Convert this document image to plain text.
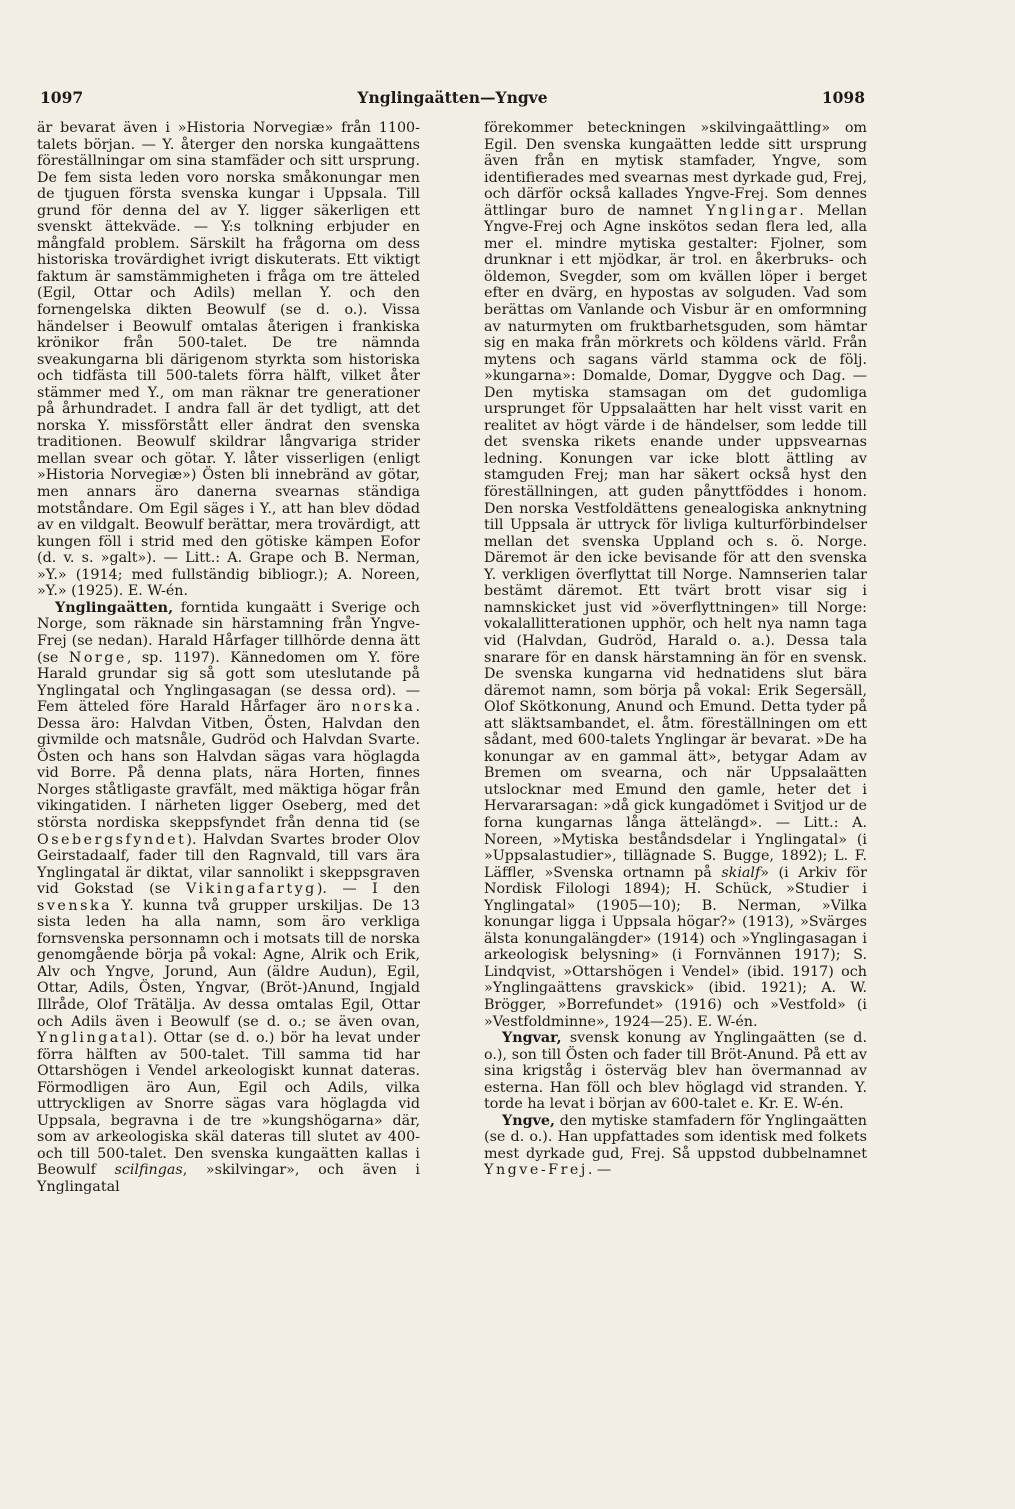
1097	Ynglingaätten—Yngve	1098

är bevarat även i »Historia Norvegiæ» från 1100-talets början. — Y. återger den norska kungaättens föreställningar om sina stamfäder och sitt ursprung. De fem sista leden voro norska småkonungar men de tjuguen första svenska kungar i Uppsala. Till grund för denna del av Y. ligger säkerligen ett svenskt ättekväde. — Y:s tolkning erbjuder en mångfald problem. Särskilt ha frågorna om dess historiska trovärdighet ivrigt diskuterats. Ett viktigt faktum är samstämmigheten i fråga om tre ätteled (Egil, Ottar och Adils) mellan Y. och den fornengelska dikten Beowulf (se d. o.). Vissa händelser i Beowulf omtalas återigen i frankiska krönikor från 500-talet. De tre nämnda sveakungarna bli därigenom styrkta som historiska och tidfästa till 500-talets förra hälft, vilket åter stämmer med Y., om man räknar tre generationer på århundradet. I andra fall är det tydligt, att det norska Y. missförstått eller ändrat den svenska traditionen. Beowulf skildrar långvariga strider mellan svear och götar. Y. låter visserligen (enligt »Historia Norvegiæ») Östen bli innebränd av götar, men annars äro danerna svearnas ständiga motståndare. Om Egil säges i Y., att han blev dödad av en vildgalt. Beowulf berättar, mera trovärdigt, att kungen föll i strid med den götiske kämpen Eofor (d. v. s. »galt»). — Litt.: A. Grape och B. Nerman, »Y.» (1914; med fullständig bibliogr.); A. Noreen, »Y.» (1925). E. W-én.

Ynglingaätten, forntida kungaätt i Sverige och Norge, som räknade sin härstamning från Yngve-Frej (se nedan). Harald Hårfager tillhörde denna ätt (se Norge, sp. 1197). Kännedomen om Y. före Harald grundar sig så gott som uteslutande på Ynglingatal och Ynglingasagan (se dessa ord). — Fem ätteled före Harald Hårfager äro norska. Dessa äro: Halvdan Vitben, Östen, Halvdan den givmilde och matsnåle, Gudröd och Halvdan Svarte. Östen och hans son Halvdan sägas vara höglagda vid Borre. På denna plats, nära Horten, finnes Norges ståtligaste gravfält, med mäktiga högar från vikingatiden. I närheten ligger Oseberg, med det största nordiska skeppsfyndet från denna tid (se Osebergsfyndet). Halvdan Svartes broder Olov Geirstadaalf, fader till den Ragnvald, till vars ära Ynglingatal är diktat, vilar sannolikt i skeppsgraven vid Gokstad (se Vikingafartyg). — I den svenska Y. kunna två grupper urskiljas. De 13 sista leden ha alla namn, som äro verkliga fornsvenska personnamn och i motsats till de norska genomgående börja på vokal: Agne, Alrik och Erik, Alv och Yngve, Jorund, Aun (äldre Audun), Egil, Ottar, Adils, Östen, Yngvar, (Bröt-)Anund, Ingjald Illråde, Olof Trätälja. Av dessa omtalas Egil, Ottar och Adils även i Beowulf (se d. o.; se även ovan, Ynglingatal). Ottar (se d. o.) bör ha levat under förra hälften av 500-talet. Till samma tid har Ottarshögen i Vendel arkeologiskt kunnat dateras. Förmodligen äro Aun, Egil och Adils, vilka uttryckligen av Snorre sägas vara höglagda vid Uppsala, begravna i de tre »kungshögarna» där, som av arkeologiska skäl dateras till slutet av 400- och till 500-talet. Den svenska kungaätten kallas i Beowulf scilfingas, »skilvingar», och även i Ynglingatal

förekommer beteckningen »skilvingaättling» om Egil. Den svenska kungaätten ledde sitt ursprung även från en mytisk stamfader, Yngve, som identifierades med svearnas mest dyrkade gud, Frej, och därför också kallades Yngve-Frej. Som dennes ättlingar buro de namnet Ynglingar. Mellan Yngve-Frej och Agne inskötos sedan flera led, alla mer el. mindre mytiska gestalter: Fjolner, som drunknar i ett mjödkar, är trol. en åkerbruks- och öldemon, Svegder, som om kvällen löper i berget efter en dvärg, en hypostas av solguden. Vad som berättas om Vanlande och Visbur är en omformning av naturmyten om fruktbarhetsguden, som hämtar sig en maka från mörkrets och köldens värld. Från mytens och sagans värld stamma ock de följ. »kungarna»: Domalde, Domar, Dyggve och Dag. — Den mytiska stamsagan om det gudomliga ursprunget för Uppsalaätten har helt visst varit en realitet av högt värde i de händelser, som ledde till det svenska rikets enande under uppsvearnas ledning. Konungen var icke blott ättling av stamguden Frej; man har säkert också hyst den föreställningen, att guden pånyttföddes i honom. Den norska Vestfoldättens genealogiska anknytning till Uppsala är uttryck för livliga kulturförbindelser mellan det svenska Uppland och s. ö. Norge. Däremot är den icke bevisande för att den svenska Y. verkligen överflyttat till Norge. Namnserien talar bestämt däremot. Ett tvärt brott visar sig i namnskicket just vid »överflyttningen» till Norge: vokalallitterationen upphör, och helt nya namn taga vid (Halvdan, Gudröd, Harald o. a.). Dessa tala snarare för en dansk härstamning än för en svensk. De svenska kungarna vid hednatidens slut bära däremot namn, som börja på vokal: Erik Segersäll, Olof Skötkonung, Anund och Emund. Detta tyder på att släktsambandet, el. åtm. föreställningen om ett sådant, med 600-talets Ynglingar är bevarat. »De ha konungar av en gammal ätt», betygar Adam av Bremen om svearna, och när Uppsalaätten utslocknar med Emund den gamle, heter det i Hervararsagan: »då gick kungadömet i Svitjod ur de forna kungarnas långa ättelängd». — Litt.: A. Noreen, »Mytiska beståndsdelar i Ynglingatal» (i »Uppsalastudier», tillägnade S. Bugge, 1892); L. F. Läffler, »Svenska ortnamn på skialf» (i Arkiv för Nordisk Filologi 1894); H. Schück, »Studier i Ynglingatal» (1905—10); B. Nerman, »Vilka konungar ligga i Uppsala högar?» (1913), »Svärges älsta konungalängder» (1914) och »Ynglingasagan i arkeologisk belysning» (i Fornvännen 1917); S. Lindqvist, »Ottarshögen i Vendel» (ibid. 1917) och »Ynglingaättens gravskick» (ibid. 1921); A. W. Brögger, »Borrefundet» (1916) och »Vestfold» (i »Vestfoldminne», 1924—25). E. W-én.

Yngvar, svensk konung av Ynglingaätten (se d. o.), son till Östen och fader till Bröt-Anund. På ett av sina krigståg i österväg blev han övermannad av esterna. Han föll och blev höglagd vid stranden. Y. torde ha levat i början av 600-talet e. Kr. E. W-én.

Yngve, den mytiske stamfadern för Ynglingaätten (se d. o.). Han uppfattades som identisk med folkets mest dyrkade gud, Frej. Så uppstod dubbelnamnet Yngve-Frej. —
